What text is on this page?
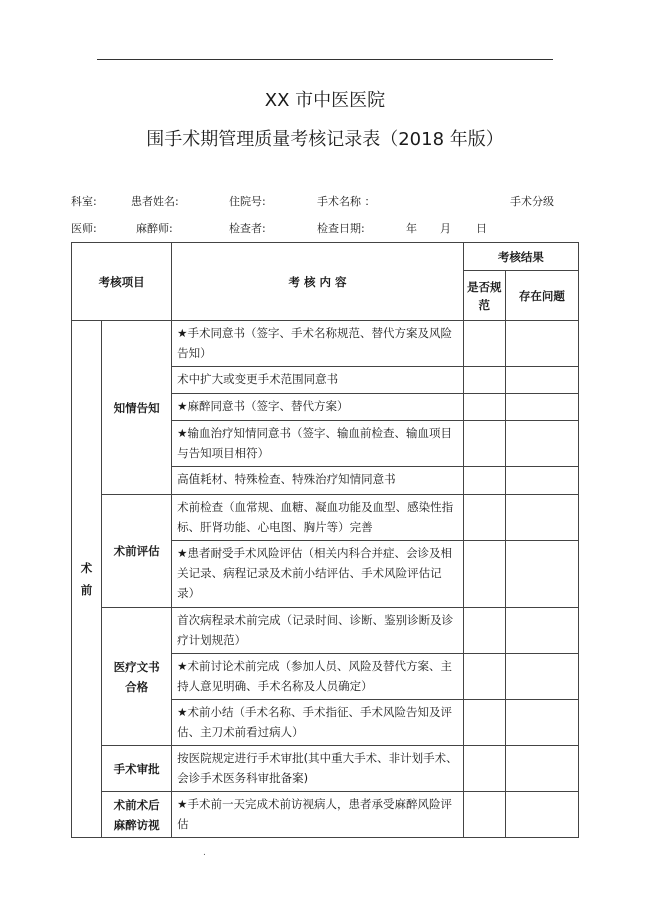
XX 市中医医院
围手术期管理质量考核记录表（2018 年版）
科室:	患者姓名:	住院号:	手术名称 ：	手术分级
医师:	麻醉师:	检查者:	检查日期:	年 月 日
考核项目		考 核 内 容	考核结果	
			是否规范	存在问题

术前	知情告知	★手术同意书（签字、手术名称规范、替代方案及风险告知）		
		术中扩大或变更手术范围同意书		
		★麻醉同意书（签字、替代方案）		
		★输血治疗知情同意书（签字、输血前检查、输血项目与告知项目相符）		
		高值耗材、特殊检查、特殊治疗知情同意书		
	术前评估	术前检查（血常规、血糖、凝血功能及血型、感染性指标、肝肾功能、心电图、胸片等）完善		
		★患者耐受手术风险评估（相关内科合并症、会诊及相关记录、病程记录及术前小结评估、手术风险评估记录）		
	医疗文书合格	首次病程录术前完成（记录时间、诊断、鉴别诊断及诊疗计划规范）		
		★术前讨论术前完成（参加人员、风险及替代方案、主持人意见明确、手术名称及人员确定）		
		★术前小结（手术名称、手术指征、手术风险告知及评估、主刀术前看过病人）		
	手术审批	按医院规定进行手术审批(其中重大手术、非计划手术、会诊手术医务科审批备案)		
	术前术后麻醉访视	★手术前一天完成术前访视病人，患者承受麻醉风险评估		
.
